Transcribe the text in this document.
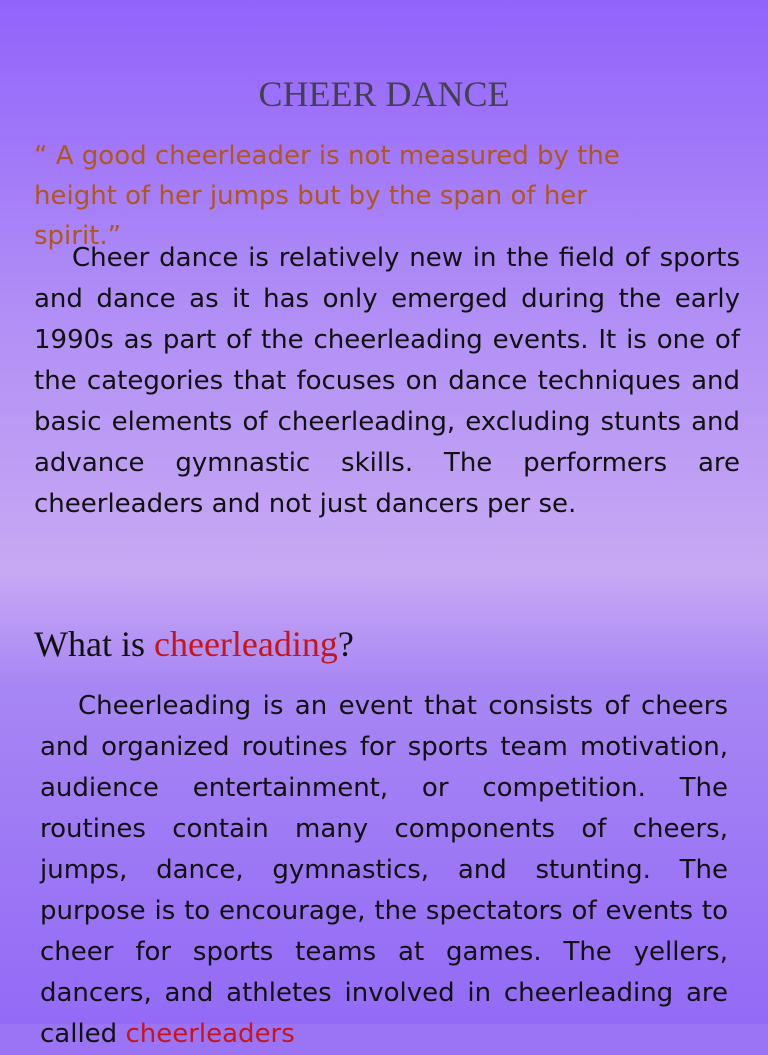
CHEER DANCE

“ A good cheerleader is not measured by the height of her jumps but by the span of her spirit.”

Cheer dance is relatively new in the field of sports and dance as it has only emerged during the early 1990s as part of the cheerleading events. It is one of the categories that focuses on dance techniques and basic elements of cheerleading, excluding stunts and advance gymnastic skills. The performers are cheerleaders and not just dancers per se.

What is cheerleading?

Cheerleading is an event that consists of cheers and organized routines for sports team motivation, audience entertainment, or competition. The routines contain many components of cheers, jumps, dance, gymnastics, and stunting. The purpose is to encourage, the spectators of events to cheer for sports teams at games. The yellers, dancers, and athletes involved in cheerleading are called cheerleaders
